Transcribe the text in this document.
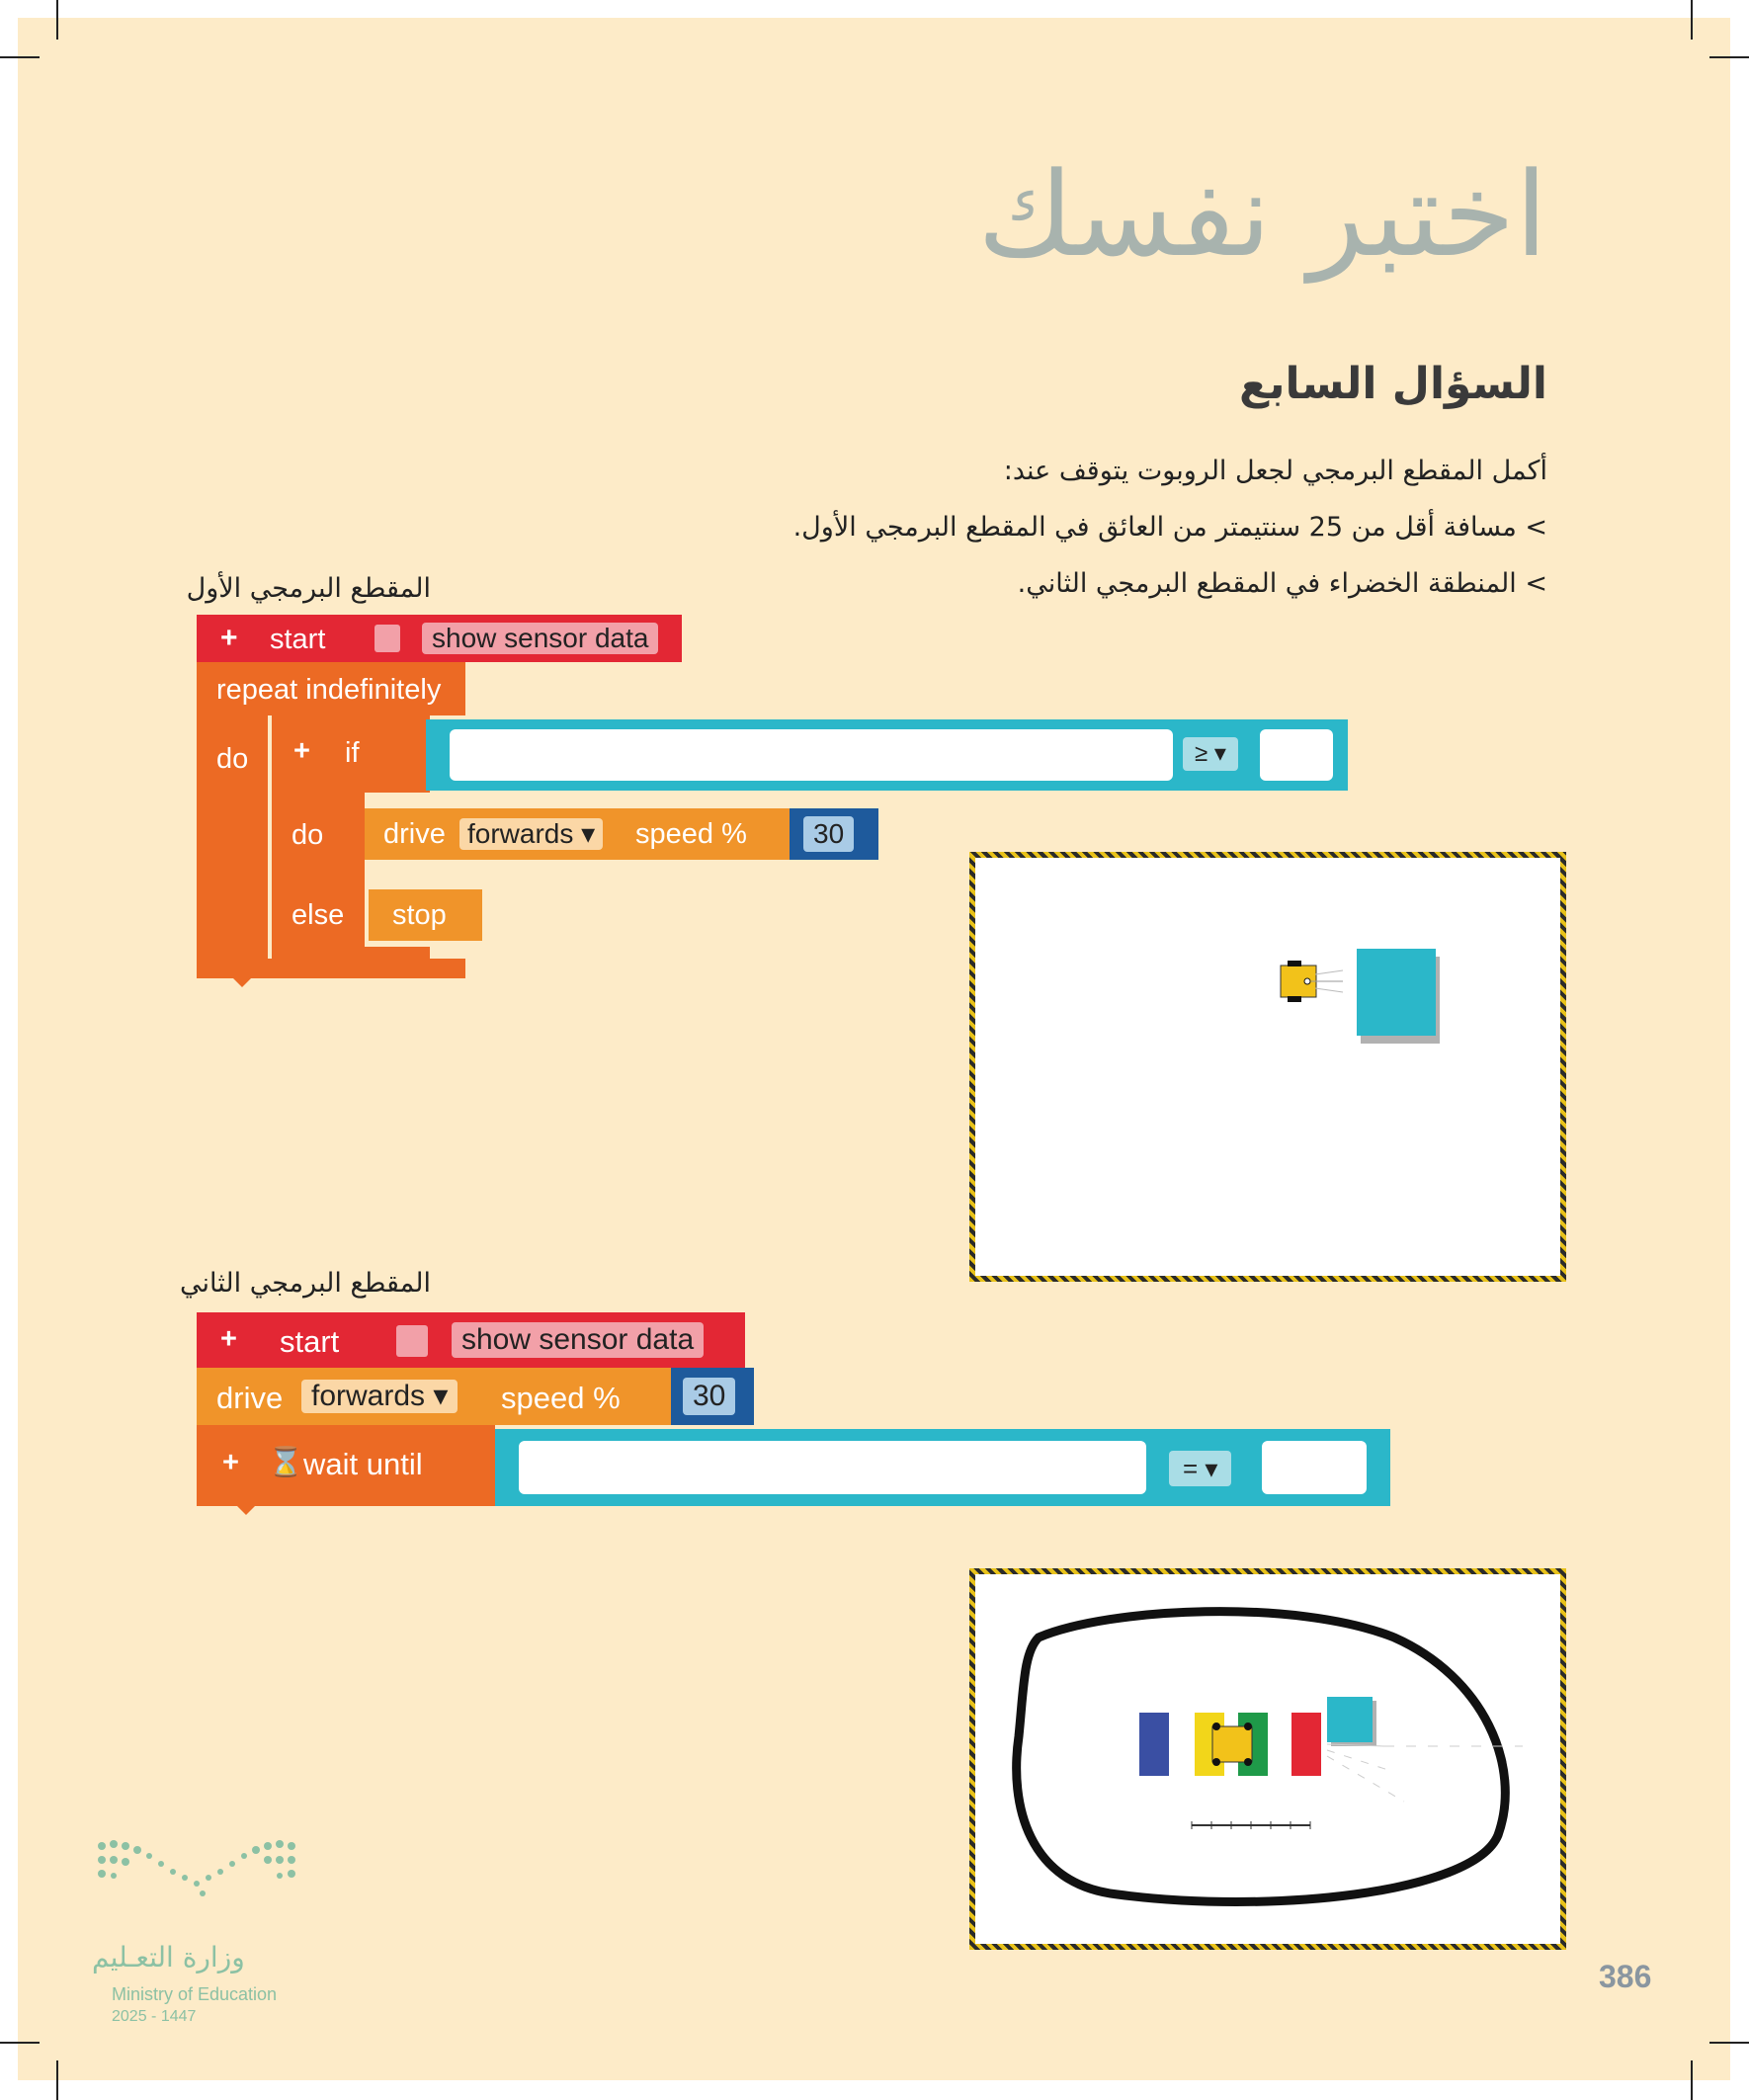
اختبر نفسك
السؤال السابع
أكمل المقطع البرمجي لجعل الروبوت يتوقف عند:
> مسافة أقل من 25 سنتيمتر من العائق في المقطع البرمجي الأول.
> المنطقة الخضراء في المقطع البرمجي الثاني.
المقطع البرمجي الأول
+ start	show sensor data
repeat indefinitely
do + if
do
else
≥ ▾
drive forwards ▾ speed %	30
stop
المقطع البرمجي الثاني
+ start	show sensor data
drive forwards ▾	speed %	30
+ ⌛ wait until	= ▾
وزارة التعـليم
Ministry of Education
2025 - 1447
386
